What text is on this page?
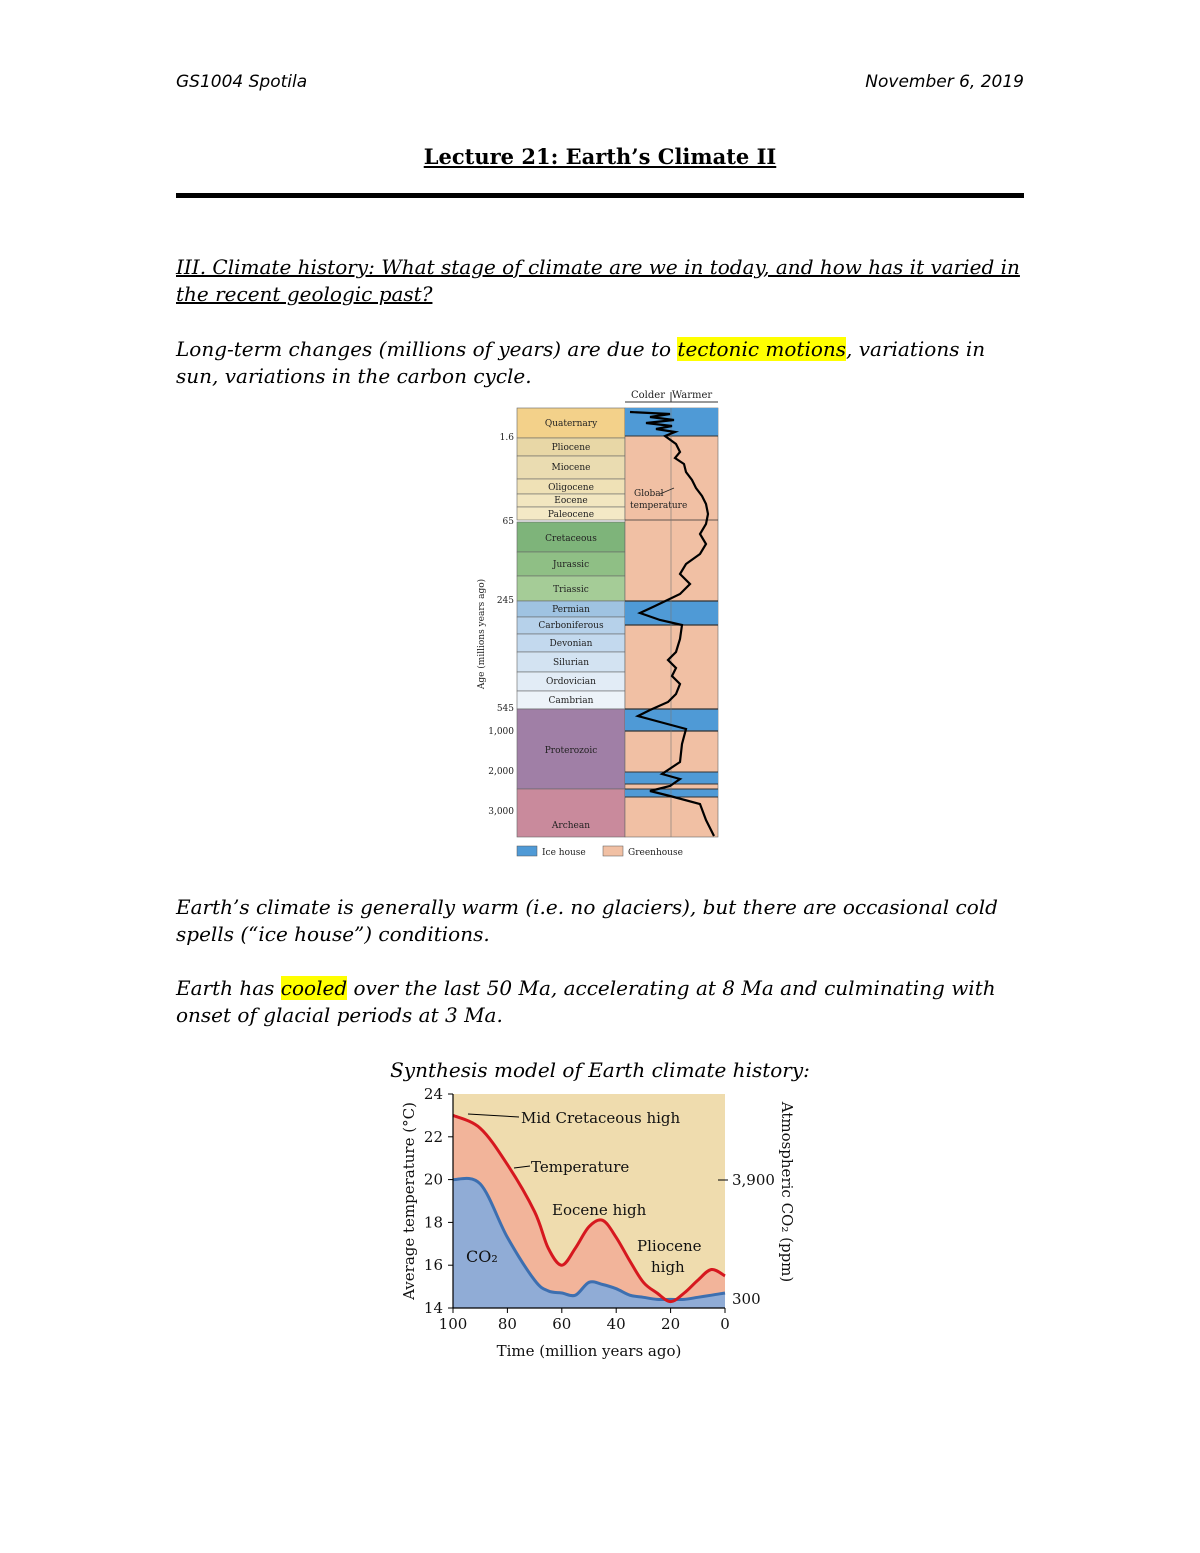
GS1004 Spotila	November 6, 2019
Lecture 21: Earth’s Climate II
III. Climate history: What stage of climate are we in today, and how has it varied in the recent geologic past?
Long-term changes (millions of years) are due to tectonic motions, variations in sun, variations in the carbon cycle.
Colder Warmer
Quaternary
Pliocene
Miocene
Oligocene
Eocene
Paleocene
Cretaceous
Jurassic
Triassic
Permian
Carboniferous
Devonian
Silurian
Ordovician
Cambrian
Proterozoic
Archean
1.6
65
245
545
1,000
2,000
3,000
Age (millions years ago)
Global
temperature
Ice house	Greenhouse
Earth’s climate is generally warm (i.e. no glaciers), but there are occasional cold spells (“ice house”) conditions.
Earth has cooled over the last 50 Ma, accelerating at 8 Ma and culminating with onset of glacial periods at 3 Ma.
Synthesis model of Earth climate history:
14
16
18
20
22
24
100 80 60 40 20	0
3,900
300
Mid Cretaceous high
Temperature
Eocene high
Pliocene
high
CO₂
Time (million years ago)
Average temperature (°C)	Atmospheric CO₂ (ppm)
